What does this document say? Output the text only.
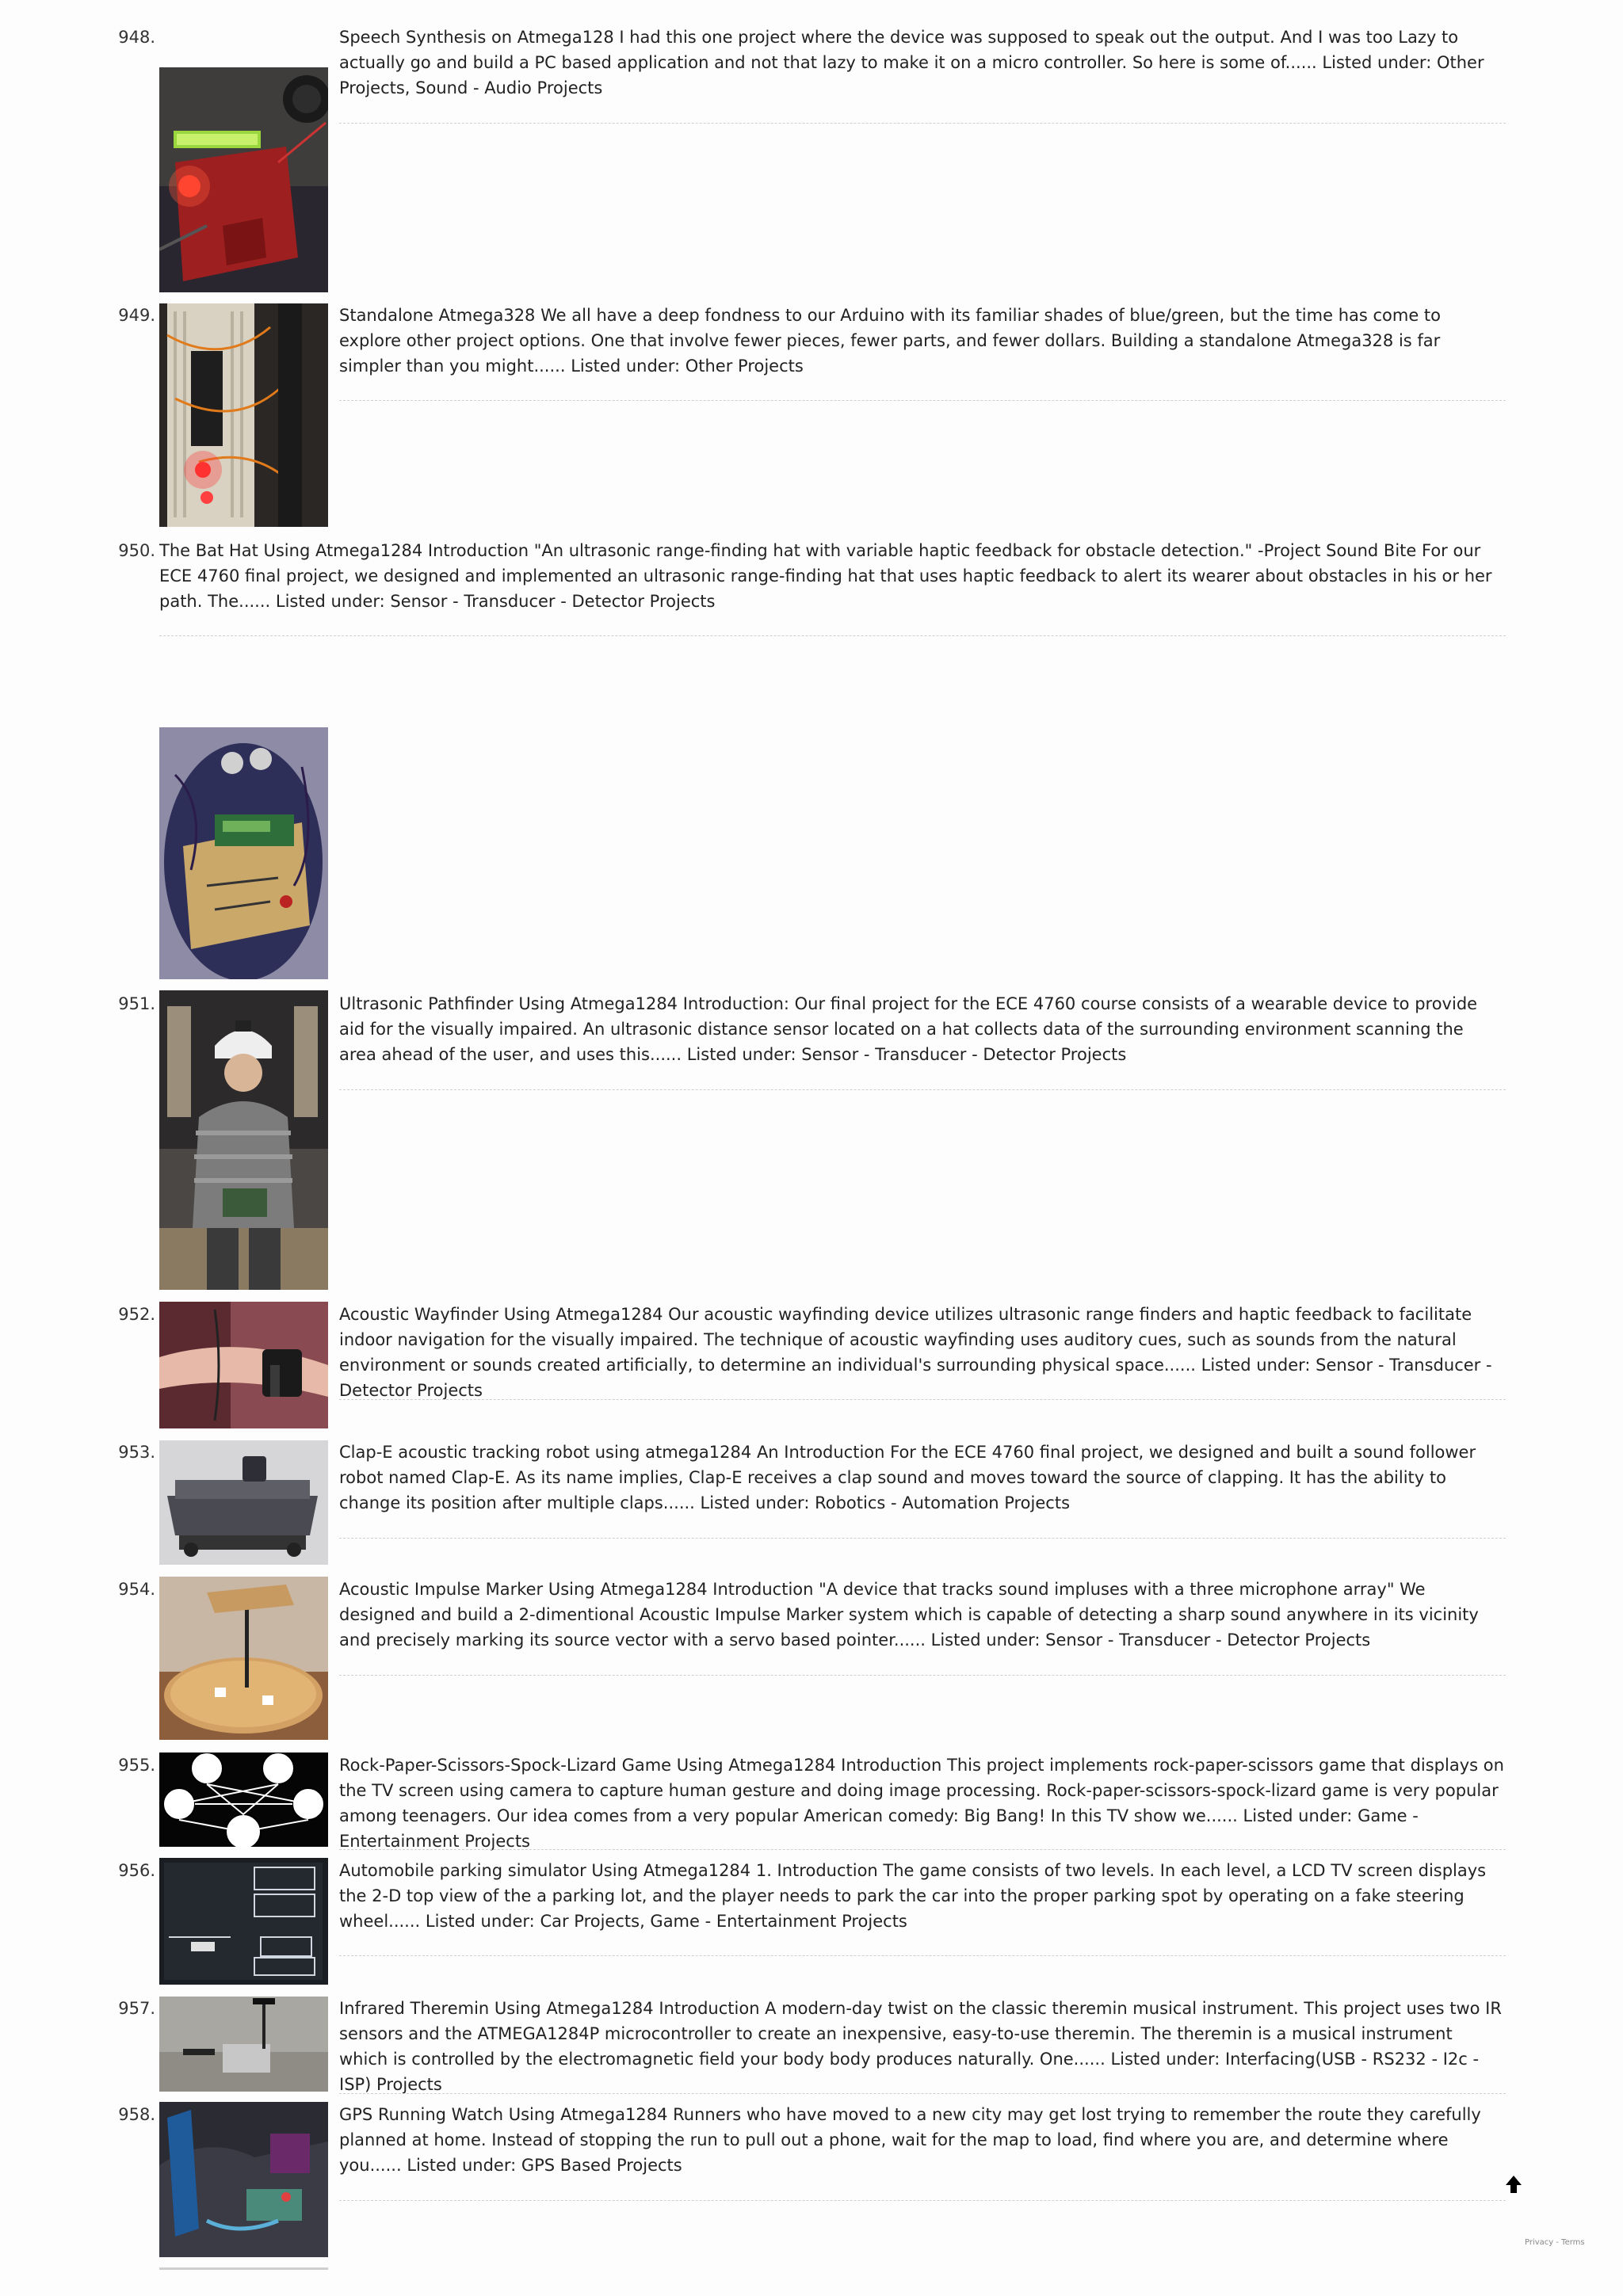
948.	Speech Synthesis on Atmega128 I had this one project where the device was supposed to speak out the output. And I was too Lazy to actually go and build a PC based application and not that lazy to make it on a micro controller. So here is some of...... Listed under: Other Projects, Sound - Audio Projects
949.	Standalone Atmega328 We all have a deep fondness to our Arduino with its familiar shades of blue/green, but the time has come to explore other project options. One that involve fewer pieces, fewer parts, and fewer dollars. Building a standalone Atmega328 is far simpler than you might...... Listed under: Other Projects
950. The Bat Hat Using Atmega1284 Introduction "An ultrasonic range-finding hat with variable haptic feedback for obstacle detection." -Project Sound Bite For our ECE 4760 final project, we designed and implemented an ultrasonic range-finding hat that uses haptic feedback to alert its wearer about obstacles in his or her path. The...... Listed under: Sensor - Transducer - Detector Projects
951.	Ultrasonic Pathfinder Using Atmega1284 Introduction: Our final project for the ECE 4760 course consists of a wearable device to provide aid for the visually impaired. An ultrasonic distance sensor located on a hat collects data of the surrounding environment scanning the area ahead of the user, and uses this...... Listed under: Sensor - Transducer - Detector Projects
952.	Acoustic Wayfinder Using Atmega1284 Our acoustic wayfinding device utilizes ultrasonic range finders and haptic feedback to facilitate indoor navigation for the visually impaired. The technique of acoustic wayfinding uses auditory cues, such as sounds from the natural environment or sounds created artificially, to determine an individual's surrounding physical space...... Listed under: Sensor - Transducer - Detector Projects
953.	Clap-E acoustic tracking robot using atmega1284 An Introduction For the ECE 4760 final project, we designed and built a sound follower robot named Clap-E. As its name implies, Clap-E receives a clap sound and moves toward the source of clapping. It has the ability to change its position after multiple claps...... Listed under: Robotics - Automation Projects
954.	Acoustic Impulse Marker Using Atmega1284 Introduction "A device that tracks sound impluses with a three microphone array" We designed and build a 2-dimentional Acoustic Impulse Marker system which is capable of detecting a sharp sound anywhere in its vicinity and precisely marking its source vector with a servo based pointer...... Listed under: Sensor - Transducer - Detector Projects
955.	Rock-Paper-Scissors-Spock-Lizard Game Using Atmega1284 Introduction This project implements rock-paper-scissors game that displays on the TV screen using camera to capture human gesture and doing image processing. Rock-paper-scissors-spock-lizard game is very popular among teenagers. Our idea comes from a very popular American comedy: Big Bang! In this TV show we...... Listed under: Game - Entertainment Projects
956.	Automobile parking simulator Using Atmega1284 1. Introduction The game consists of two levels. In each level, a LCD TV screen displays the 2-D top view of the a parking lot, and the player needs to park the car into the proper parking spot by operating on a fake steering wheel...... Listed under: Car Projects, Game - Entertainment Projects
957.	Infrared Theremin Using Atmega1284 Introduction A modern-day twist on the classic theremin musical instrument. This project uses two IR sensors and the ATMEGA1284P microcontroller to create an inexpensive, easy-to-use theremin. The theremin is a musical instrument which is controlled by the electromagnetic field your body body produces naturally. One...... Listed under: Interfacing(USB - RS232 - I2c -ISP) Projects
958.	GPS Running Watch Using Atmega1284 Runners who have moved to a new city may get lost trying to remember the route they carefully planned at home. Instead of stopping the run to pull out a phone, wait for the map to load, find where you are, and determine where you...... Listed under: GPS Based Projects
Privacy - Terms
